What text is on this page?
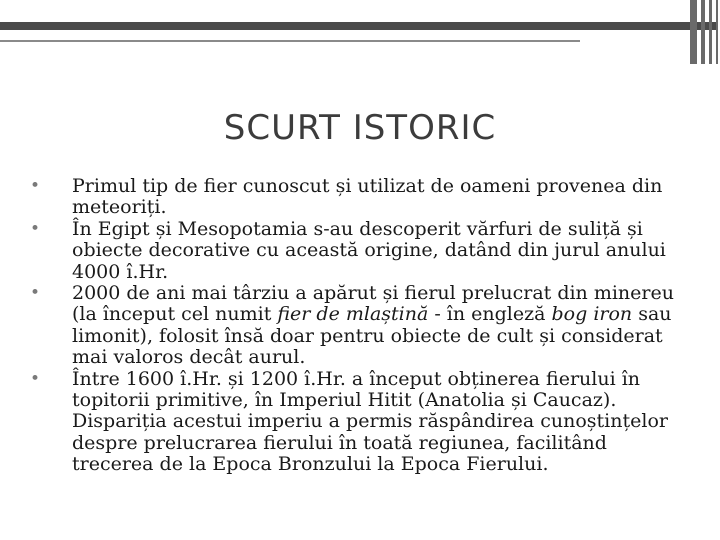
SCURT ISTORIC
• Primul tip de fier cunoscut și utilizat de oameni provenea din meteoriți.
• În Egipt și Mesopotamia s-au descoperit vărfuri de suliță și obiecte decorative cu această origine, datând din jurul anului 4000 î.Hr.
• 2000 de ani mai târziu a apărut și fierul prelucrat din minereu (la început cel numit fier de mlaștină - în engleză bog iron sau limonit), folosit însă doar pentru obiecte de cult și considerat mai valoros decât aurul.
• Între 1600 î.Hr. și 1200 î.Hr. a început obținerea fierului în topitorii primitive, în Imperiul Hitit (Anatolia și Caucaz). Dispariția acestui imperiu a permis răspândirea cunoștințelor despre prelucrarea fierului în toată regiunea, facilitând trecerea de la Epoca Bronzului la Epoca Fierului.
